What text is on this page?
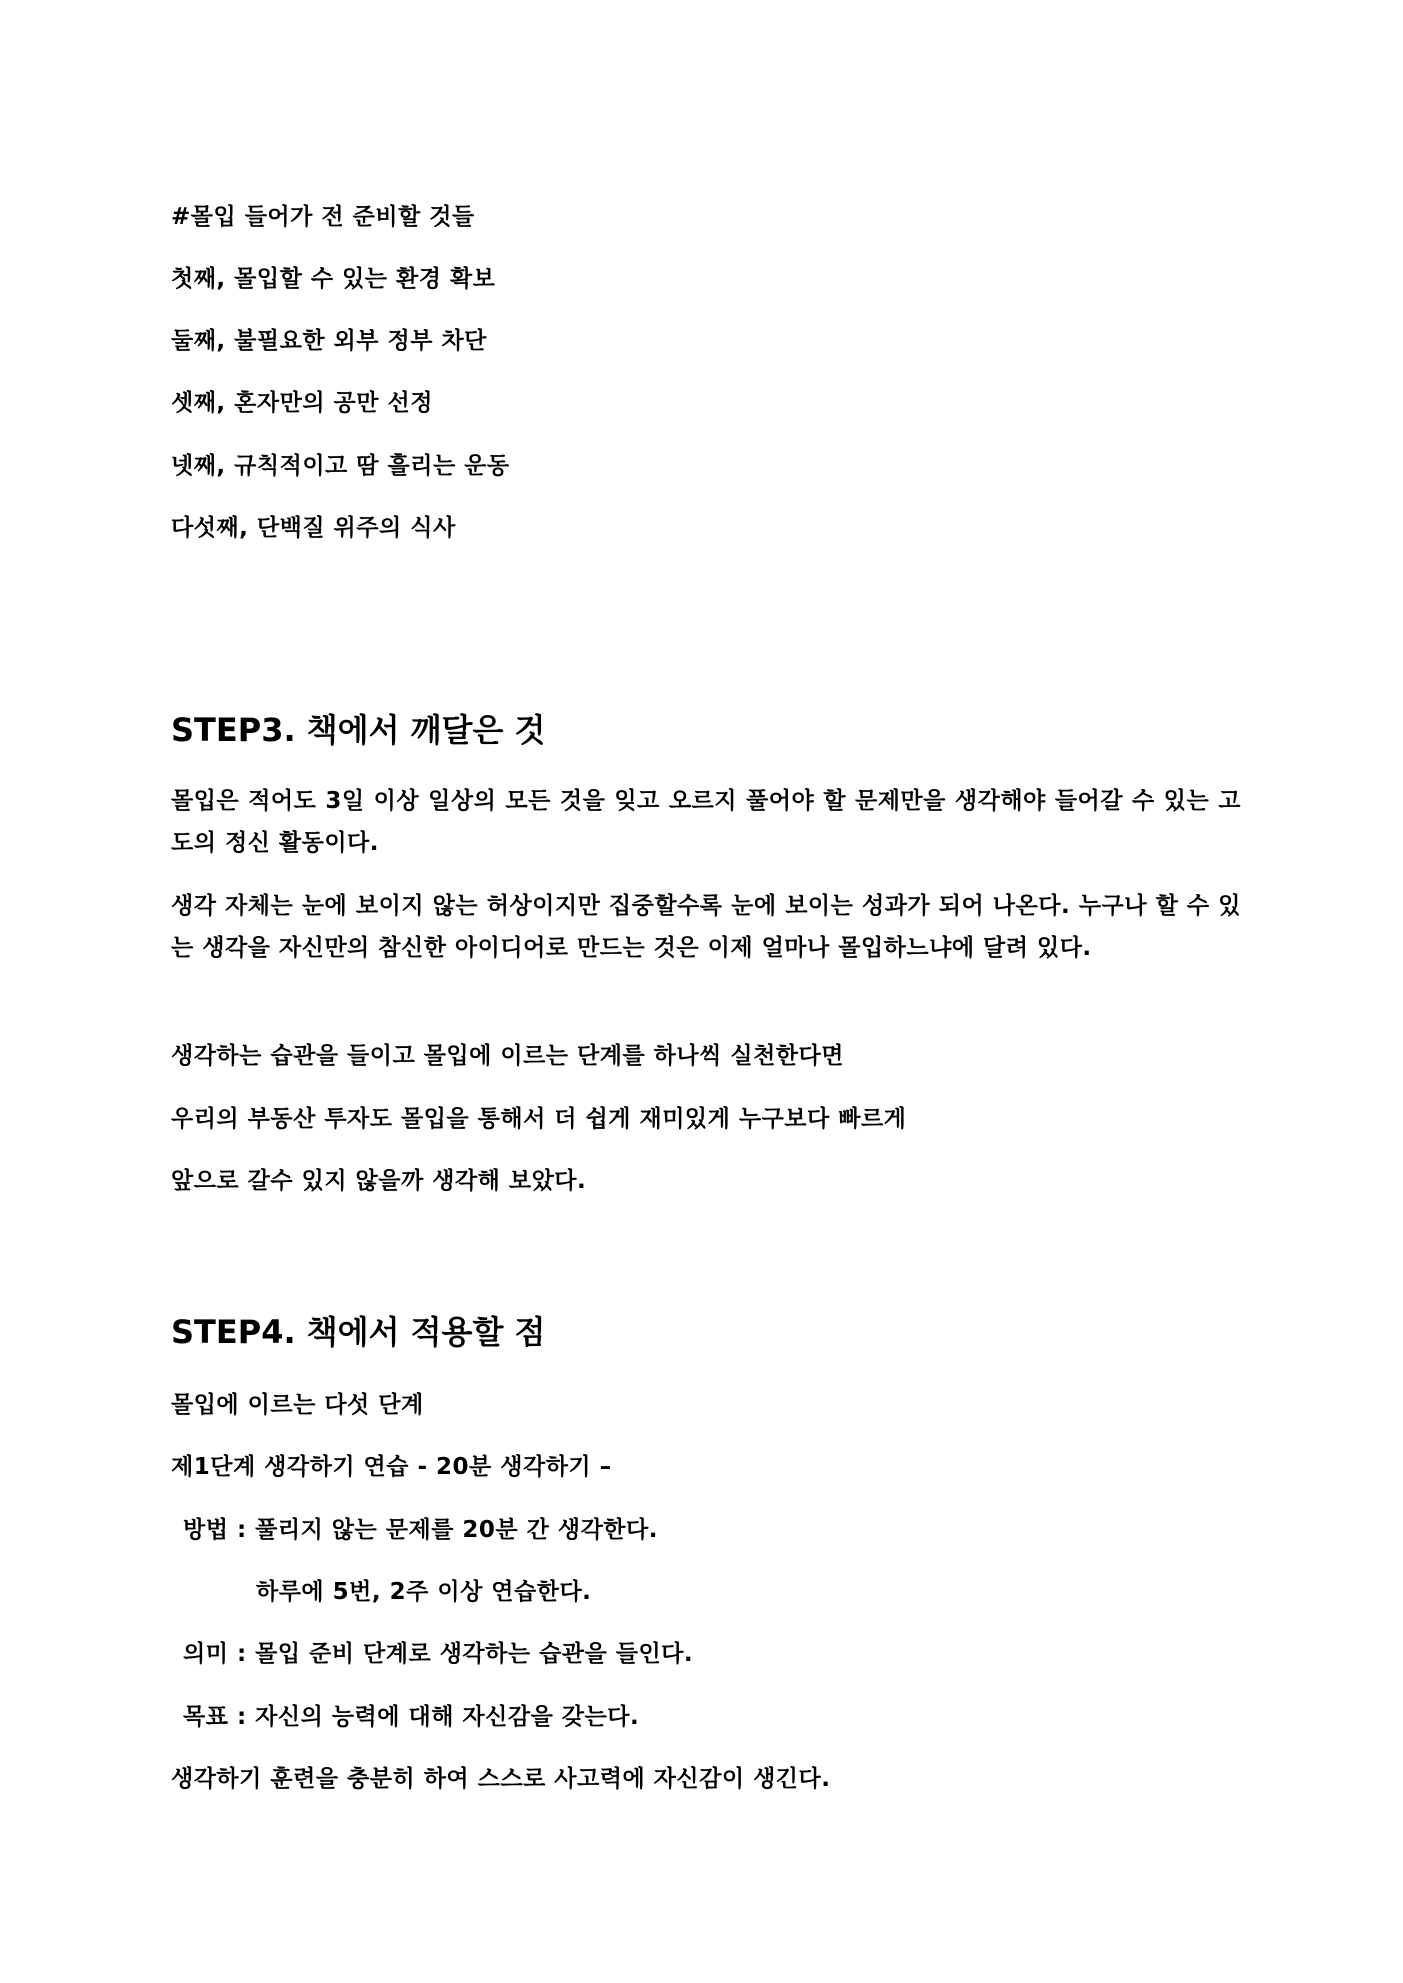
#몰입 들어가 전 준비할 것들

첫째, 몰입할 수 있는 환경 확보

둘째, 불필요한 외부 정부 차단

셋째, 혼자만의 공만 선정

넷째, 규칙적이고 땀 흘리는 운동

다섯째, 단백질 위주의 식사

STEP3. 책에서 깨달은 것

몰입은 적어도 3일 이상 일상의 모든 것을 잊고 오르지 풀어야 할 문제만을 생각해야 들어갈 수 있는 고도의 정신 활동이다.

생각 자체는 눈에 보이지 않는 허상이지만 집중할수록 눈에 보이는 성과가 되어 나온다. 누구나 할 수 있는 생각을 자신만의 참신한 아이디어로 만드는 것은 이제 얼마나 몰입하느냐에 달려 있다.

생각하는 습관을 들이고 몰입에 이르는 단계를 하나씩 실천한다면

우리의 부동산 투자도 몰입을 통해서 더 쉽게 재미있게 누구보다 빠르게

앞으로 갈수 있지 않을까 생각해 보았다.

STEP4. 책에서 적용할 점

몰입에 이르는 다섯 단계

제1단계 생각하기 연습 - 20분 생각하기 –

방법 : 풀리지 않는 문제를 20분 간 생각한다.

하루에 5번, 2주 이상 연습한다.

의미 : 몰입 준비 단계로 생각하는 습관을 들인다.

목표 : 자신의 능력에 대해 자신감을 갖는다.

생각하기 훈련을 충분히 하여 스스로 사고력에 자신감이 생긴다.
